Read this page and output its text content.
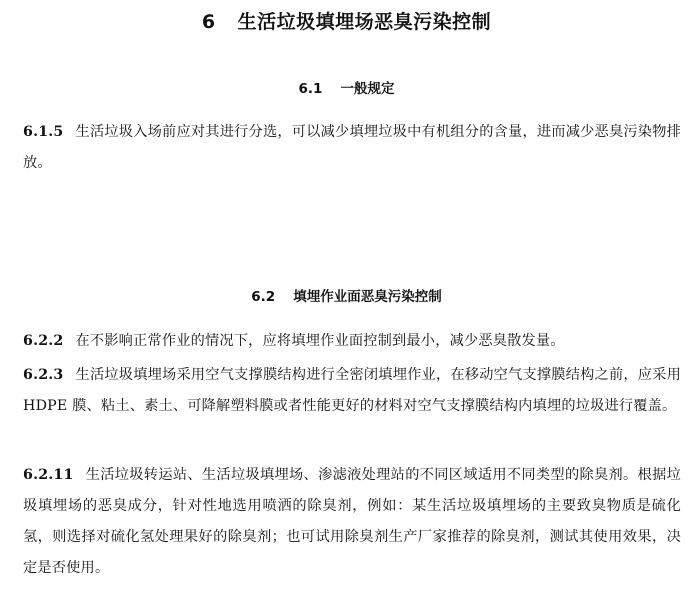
6 生活垃圾填埋场恶臭污染控制
6.1 一般规定
6.1.5 生活垃圾入场前应对其进行分选，可以减少填埋垃圾中有机组分的含量，进而减少恶臭污染物排放。
6.2 填埋作业面恶臭污染控制
6.2.2 在不影响正常作业的情况下，应将填埋作业面控制到最小，减少恶臭散发量。
6.2.3 生活垃圾填埋场采用空气支撑膜结构进行全密闭填埋作业，在移动空气支撑膜结构之前，应采用 HDPE 膜、粘土、素土、可降解塑料膜或者性能更好的材料对空气支撑膜结构内填埋的垃圾进行覆盖。
6.2.11 生活垃圾转运站、生活垃圾填埋场、渗滤液处理站的不同区域适用不同类型的除臭剂。根据垃圾填埋场的恶臭成分，针对性地选用喷洒的除臭剂，例如：某生活垃圾填埋场的主要致臭物质是硫化氢，则选择对硫化氢处理果好的除臭剂；也可试用除臭剂生产厂家推荐的除臭剂，测试其使用效果，决定是否使用。
